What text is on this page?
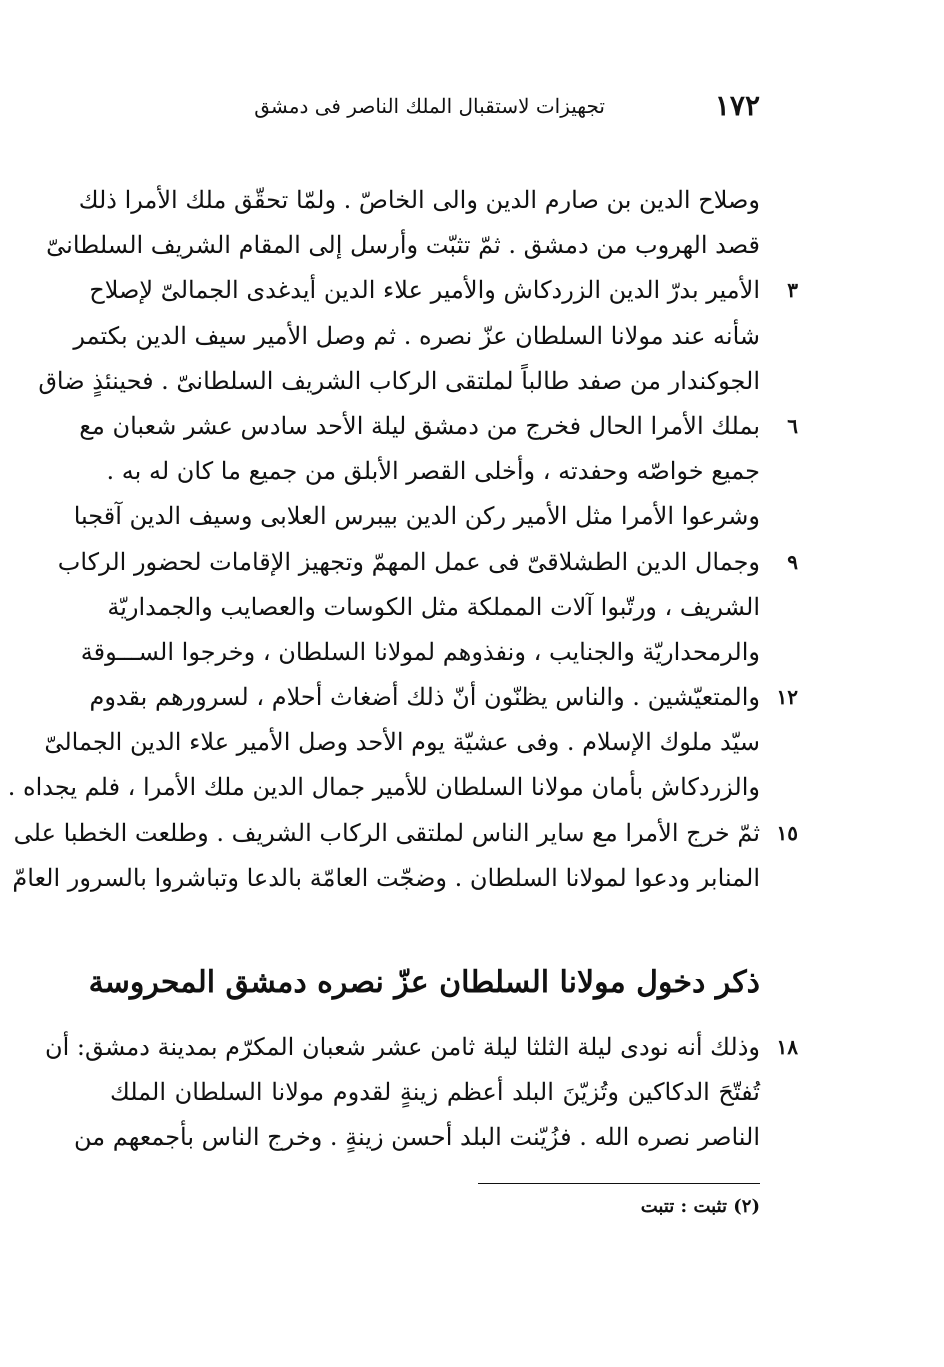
١٧٢
تجهيزات لاستقبال الملك الناصر فى دمشق
وصلاح الدين بن صارم الدين والى الخاصّ . ولمّا تحقّق ملك الأمرا ذلك
قصد الهروب من دمشق . ثمّ تثبّت وأرسل إلى المقام الشريف السلطانىّ
٣
الأمير بدرّ الدين الزردكاش والأمير علاء الدين أيدغدى الجمالىّ لإصلاح
شأنه عند مولانا السلطان عزّ نصره . ثم وصل الأمير سيف الدين بكتمر
الجوكندار من صفد طالباً لملتقى الركاب الشريف السلطانىّ . فحينئذٍ ضاق
٦
بملك الأمرا الحال فخرج من دمشق ليلة الأحد سادس عشر شعبان مع
جميع خواصّه وحفدته ، وأخلى القصر الأبلق من جميع ما كان له به .
وشرعوا الأمرا مثل الأمير ركن الدين بيبرس العلابى وسيف الدين آقجبا
٩
وجمال الدين الطشلاقىّ فى عمل المهمّ وتجهيز الإقامات لحضور الركاب
الشريف ، ورتّبوا آلات المملكة مثل الكوسات والعصايب والجمداريّة
والرمحداريّة والجنايب ، ونفذوهم لمولانا السلطان ، وخرجوا الســـوقة
١٢
والمتعيّشين . والناس يظنّون أنّ ذلك أضغاث أحلام ، لسرورهم بقدوم
سيّد ملوك الإسلام . وفى عشيّة يوم الأحد وصل الأمير علاء الدين الجمالىّ
والزردكاش بأمان مولانا السلطان للأمير جمال الدين ملك الأمرا ، فلم يجداه .
١٥
ثمّ خرج الأمرا مع ساير الناس لملتقى الركاب الشريف . وطلعت الخطبا على
المنابر ودعوا لمولانا السلطان . وضجّت العامّة بالدعا وتباشروا بالسرور العامّ
ذكر دخول مولانا السلطان عزّ نصره دمشق المحروسة
١٨
وذلك أنه نودى ليلة الثلثا ليلة ثامن عشر شعبان المكرّم بمدينة دمشق: أن
تُفتّحَ الدكاكين وتُزيّنَ البلد أعظم زينةٍ لقدوم مولانا السلطان الملك
الناصر نصره الله . فزُيّنت البلد أحسن زينةٍ . وخرج الناس بأجمعهم من
(٢) تثبت : تتبت
